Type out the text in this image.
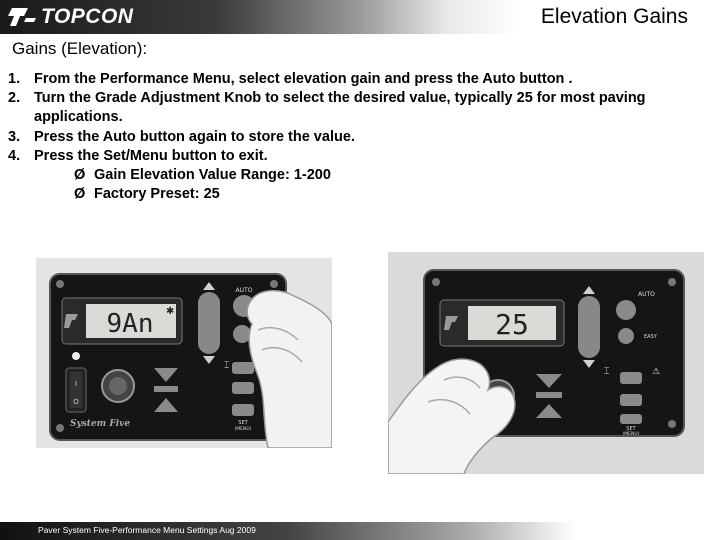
TOPCON	Elevation Gains
Gains (Elevation):
1. From the Performance Menu, select elevation gain and press the Auto button .
2. Turn the Grade Adjustment Knob to select the desired value, typically 25 for most paving applications.
3. Press the Auto button again to store the value.
4. Press the Set/Menu button to exit.
Ø Gain Elevation Value Range: 1-200
Ø Factory Preset: 25
9An ✱
AUTO
SET
(MENU)
⌶
I
O
System Five
25
AUTO
EASY
SET
(MENU)
⌶	⚠
Paver System Five-Performance Menu Settings Aug 2009
